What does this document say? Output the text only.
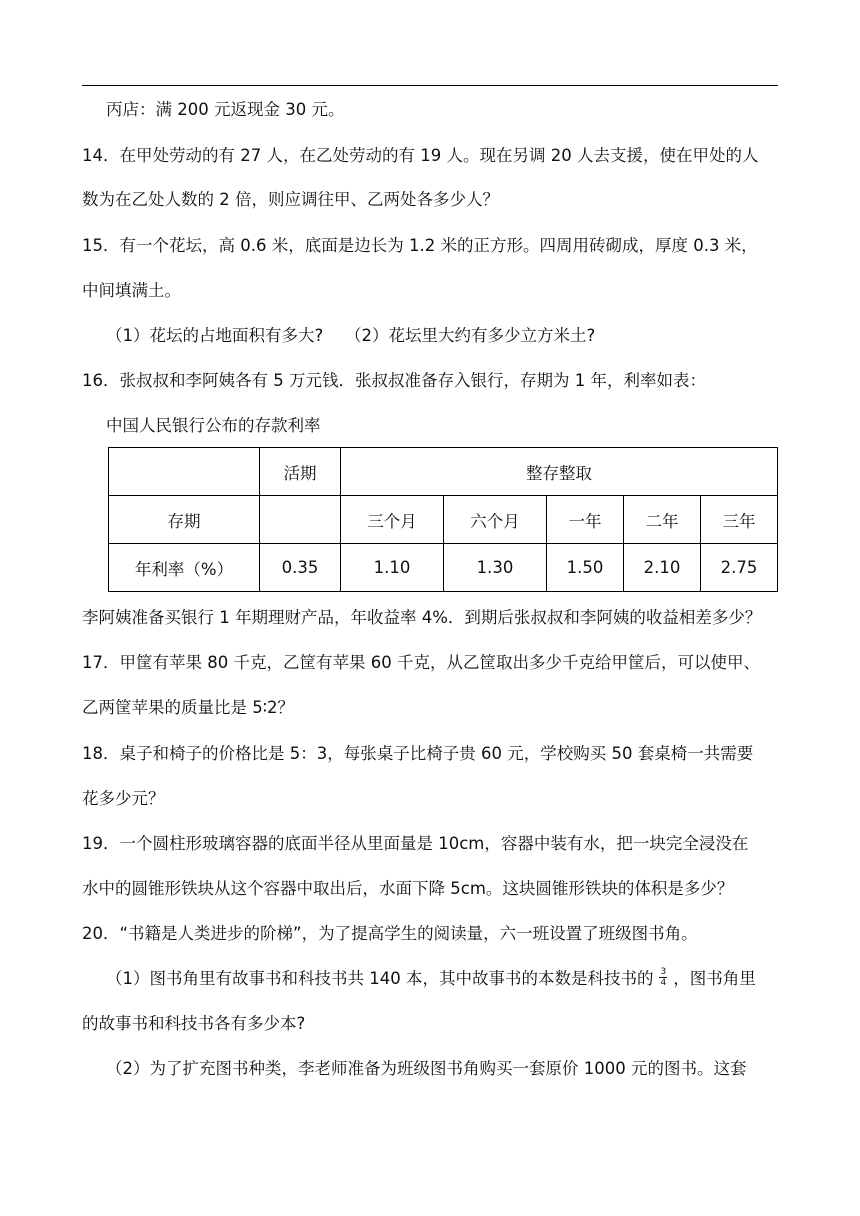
丙店：满 200 元返现金 30 元。
14．在甲处劳动的有 27 人，在乙处劳动的有 19 人。现在另调 20 人去支援，使在甲处的人
数为在乙处人数的 2 倍，则应调往甲、乙两处各多少人？
15．有一个花坛，高 0.6 米，底面是边长为 1.2 米的正方形。四周用砖砌成，厚度 0.3 米，
中间填满土。
（1）花坛的占地面积有多大?　 （2）花坛里大约有多少立方米土?
16．张叔叔和李阿姨各有 5 万元钱．张叔叔准备存入银行，存期为 1 年，利率如表：
中国人民银行公布的存款利率
	活期	整存整取				
存期		三个月	六个月	一年	二年	三年
年利率（%）	0.35	1.10	1.30	1.50	2.10	2.75
李阿姨准备买银行 1 年期理财产品，年收益率 4%．到期后张叔叔和李阿姨的收益相差多少？
17．甲筐有苹果 80 千克，乙筐有苹果 60 千克，从乙筐取出多少千克给甲筐后，可以使甲、
乙两筐苹果的质量比是 5∶2？
18．桌子和椅子的价格比是 5：3，每张桌子比椅子贵 60 元，学校购买 50 套桌椅一共需要
花多少元？
19．一个圆柱形玻璃容器的底面半径从里面量是 10cm，容器中装有水，把一块完全浸没在
水中的圆锥形铁块从这个容器中取出后，水面下降 5cm。这块圆锥形铁块的体积是多少？
20．“书籍是人类进步的阶梯”，为了提高学生的阅读量，六一班设置了班级图书角。
（1）图书角里有故事书和科技书共 140 本，其中故事书的本数是科技书的 $\frac{3}{4}$ ，图书角里
的故事书和科技书各有多少本?
（2）为了扩充图书种类，李老师准备为班级图书角购买一套原价 1000 元的图书。这套
